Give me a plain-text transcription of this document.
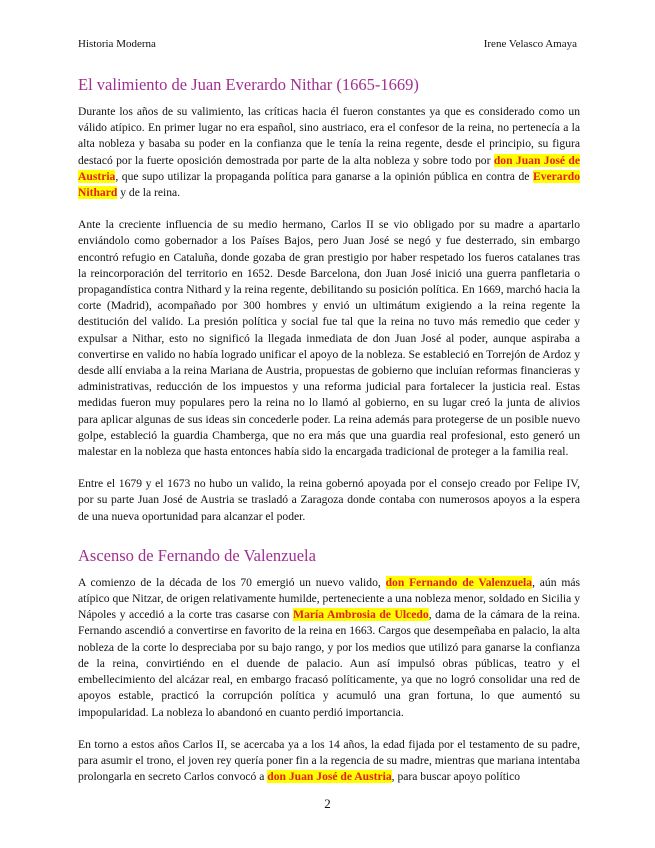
Historia Moderna	Irene Velasco Amaya
El valimiento de Juan Everardo Nithar (1665-1669)

Durante los años de su valimiento, las críticas hacia él fueron constantes ya que es considerado como un válido atípico. En primer lugar no era español, sino austriaco, era el confesor de la reina, no pertenecía a la alta nobleza y basaba su poder en la confianza que le tenía la reina regente, desde el principio, su figura destacó por la fuerte oposición demostrada por parte de la alta nobleza y sobre todo por don Juan José de Austria, que supo utilizar la propaganda política para ganarse a la opinión pública en contra de Everardo Nithard y de la reina.

Ante la creciente influencia de su medio hermano, Carlos II se vio obligado por su madre a apartarlo enviándolo como gobernador a los Países Bajos, pero Juan José se negó y fue desterrado, sin embargo encontró refugio en Cataluña, donde gozaba de gran prestigio por haber respetado los fueros catalanes tras la reincorporación del territorio en 1652. Desde Barcelona, don Juan José inició una guerra panfletaria o propagandística contra Nithard y la reina regente, debilitando su posición política. En 1669, marchó hacia la corte (Madrid), acompañado por 300 hombres y envió un ultimátum exigiendo a la reina regente la destitución del valido. La presión política y social fue tal que la reina no tuvo más remedio que ceder y expulsar a Nithar, esto no significó la llegada inmediata de don Juan José al poder, aunque aspiraba a convertirse en valido no había logrado unificar el apoyo de la nobleza. Se estableció en Torrejón de Ardoz y desde allí enviaba a la reina Mariana de Austria, propuestas de gobierno que incluían reformas financieras y administrativas, reducción de los impuestos y una reforma judicial para fortalecer la justicia real. Estas medidas fueron muy populares pero la reina no lo llamó al gobierno, en su lugar creó la junta de alivios para aplicar algunas de sus ideas sin concederle poder. La reina además para protegerse de un posible nuevo golpe, estableció la guardia Chamberga, que no era más que una guardia real profesional, esto generó un malestar en la nobleza que hasta entonces había sido la encargada tradicional de proteger a la familia real.

Entre el 1679 y el 1673 no hubo un valido, la reina gobernó apoyada por el consejo creado por Felipe IV, por su parte Juan José de Austria se trasladó a Zaragoza donde contaba con numerosos apoyos a la espera de una nueva oportunidad para alcanzar el poder.

Ascenso de Fernando de Valenzuela

A comienzo de la década de los 70 emergió un nuevo valido, don Fernando de Valenzuela, aún más atípico que Nitzar, de origen relativamente humilde, perteneciente a una nobleza menor, soldado en Sicilia y Nápoles y accedió a la corte tras casarse con María Ambrosia de Ulcedo, dama de la cámara de la reina. Fernando ascendió a convertirse en favorito de la reina en 1663. Cargos que desempeñaba en palacio, la alta nobleza de la corte lo despreciaba por su bajo rango, y por los medios que utilizó para ganarse la confianza de la reina, convirtiéndo en el duende de palacio. Aun así impulsó obras públicas, teatro y el embellecimiento del alcázar real, en embargo fracasó políticamente, ya que no logró consolidar una red de apoyos estable, practicó la corrupción política y acumuló una gran fortuna, lo que aumentó su impopularidad. La nobleza lo abandonó en cuanto perdió importancia.

En torno a estos años Carlos II, se acercaba ya a los 14 años, la edad fijada por el testamento de su padre, para asumir el trono, el joven rey quería poner fin a la regencia de su madre, mientras que mariana intentaba prolongarla en secreto Carlos convocó a don Juan José de Austria, para buscar apoyo político

2
